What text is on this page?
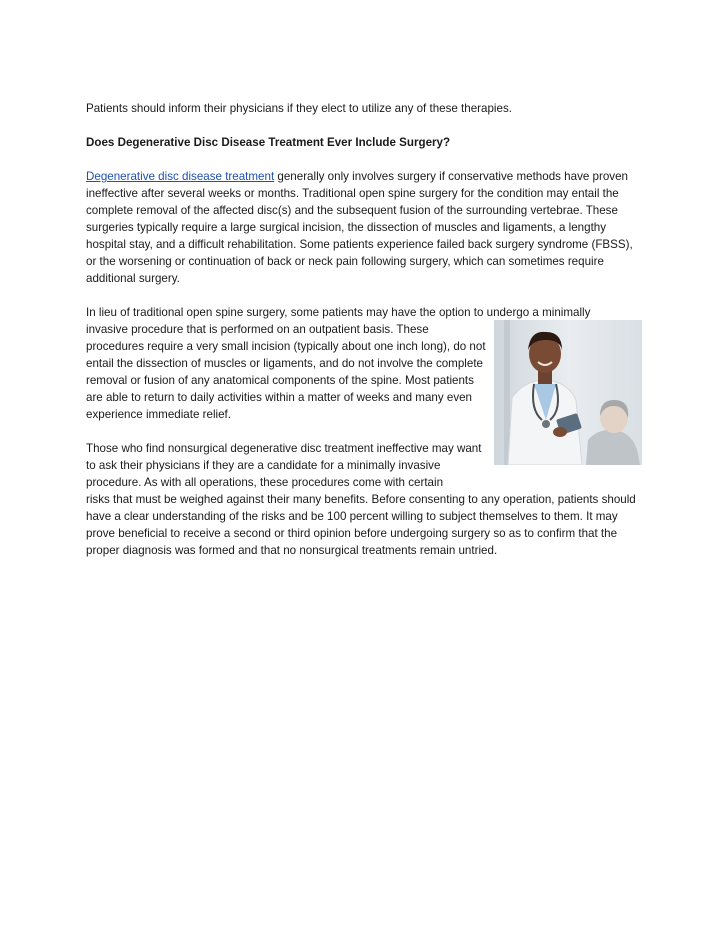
Patients should inform their physicians if they elect to utilize any of these therapies.

Does Degenerative Disc Disease Treatment Ever Include Surgery?

Degenerative disc disease treatment generally only involves surgery if conservative methods have proven ineffective after several weeks or months. Traditional open spine surgery for the condition may entail the complete removal of the affected disc(s) and the subsequent fusion of the surrounding vertebrae. These surgeries typically require a large surgical incision, the dissection of muscles and ligaments, a lengthy hospital stay, and a difficult rehabilitation. Some patients experience failed back surgery syndrome (FBSS), or the worsening or continuation of back or neck pain following surgery, which can sometimes require additional surgery.

In lieu of traditional open spine surgery, some patients may have the option to undergo a minimally
invasive procedure that is performed on an outpatient basis. These procedures require a very small incision (typically about one inch long), do not entail the dissection of muscles or ligaments, and do not involve the complete removal or fusion of any anatomical components of the spine. Most patients are able to return to daily activities within a matter of weeks and many even experience immediate relief.

Those who find nonsurgical degenerative disc treatment ineffective may want to ask their physicians if they are a candidate for a minimally invasive procedure. As with all operations, these procedures come with certain
risks that must be weighed against their many benefits. Before consenting to any operation, patients should have a clear understanding of the risks and be 100 percent willing to subject themselves to them. It may prove beneficial to receive a second or third opinion before undergoing surgery so as to confirm that the proper diagnosis was formed and that no nonsurgical treatments remain untried.
